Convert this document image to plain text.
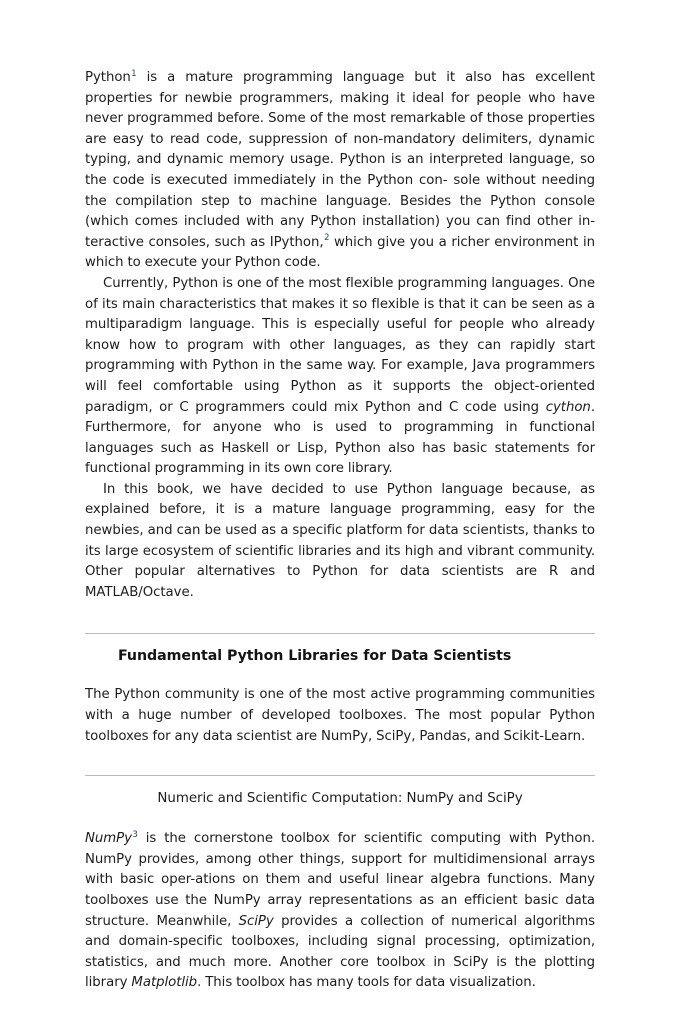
Python$^1$ is a mature programming language but it also has excellent properties for newbie programmers, making it ideal for people who have never programmed before. Some of the most remarkable of those properties are easy to read code, suppression of non-mandatory delimiters, dynamic typing, and dynamic memory usage. Python is an interpreted language, so the code is executed immediately in the Python con- sole without needing the compilation step to machine language. Besides the Python console (which comes included with any Python installation) you can find other in-teractive consoles, such as IPython,$^2$ which give you a richer environment in which to execute your Python code.

Currently, Python is one of the most flexible programming languages. One of its main characteristics that makes it so flexible is that it can be seen as a multiparadigm language. This is especially useful for people who already know how to program with other languages, as they can rapidly start programming with Python in the same way. For example, Java programmers will feel comfortable using Python as it supports the object-oriented paradigm, or C programmers could mix Python and C code using cython. Furthermore, for anyone who is used to programming in functional languages such as Haskell or Lisp, Python also has basic statements for functional programming in its own core library.

In this book, we have decided to use Python language because, as explained before, it is a mature language programming, easy for the newbies, and can be used as a specific platform for data scientists, thanks to its large ecosystem of scientific libraries and its high and vibrant community. Other popular alternatives to Python for data scientists are R and MATLAB/Octave.

Fundamental Python Libraries for Data Scientists

The Python community is one of the most active programming communities with a huge number of developed toolboxes. The most popular Python toolboxes for any data scientist are NumPy, SciPy, Pandas, and Scikit-Learn.

Numeric and Scientific Computation: NumPy and SciPy

NumPy$^3$ is the cornerstone toolbox for scientific computing with Python. NumPy provides, among other things, support for multidimensional arrays with basic oper-ations on them and useful linear algebra functions. Many toolboxes use the NumPy array representations as an efficient basic data structure. Meanwhile, SciPy provides a collection of numerical algorithms and domain-specific toolboxes, including signal processing, optimization, statistics, and much more. Another core toolbox in SciPy is the plotting library Matplotlib. This toolbox has many tools for data visualization.
